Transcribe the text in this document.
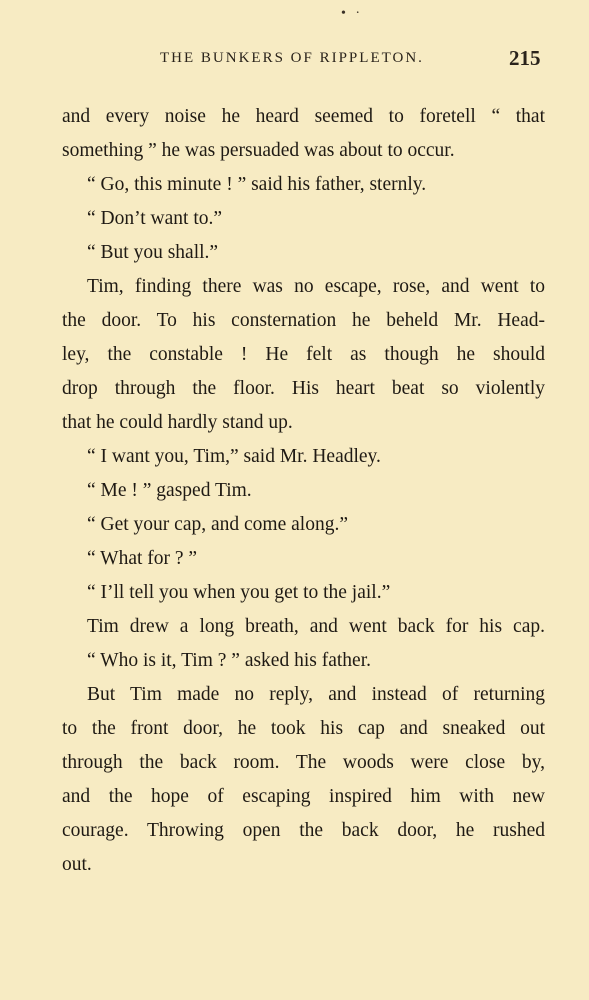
• ·
THE BUNKERS OF RIPPLETON.	215
and every noise he heard seemed to foretell “ that
something ” he was persuaded was about to occur.
“ Go, this minute ! ” said his father, sternly.
“ Don’t want to.”
“ But you shall.”
Tim, finding there was no escape, rose, and went to
the door. To his consternation he beheld Mr. Head-
ley, the constable ! He felt as though he should
drop through the floor. His heart beat so violently
that he could hardly stand up.
“ I want you, Tim,” said Mr. Headley.
“ Me ! ” gasped Tim.
“ Get your cap, and come along.”
“ What for ? ”
“ I’ll tell you when you get to the jail.”
Tim drew a long breath, and went back for his cap.
“ Who is it, Tim ? ” asked his father.
But Tim made no reply, and instead of returning
to the front door, he took his cap and sneaked out
through the back room. The woods were close by,
and the hope of escaping inspired him with new
courage. Throwing open the back door, he rushed
out.
